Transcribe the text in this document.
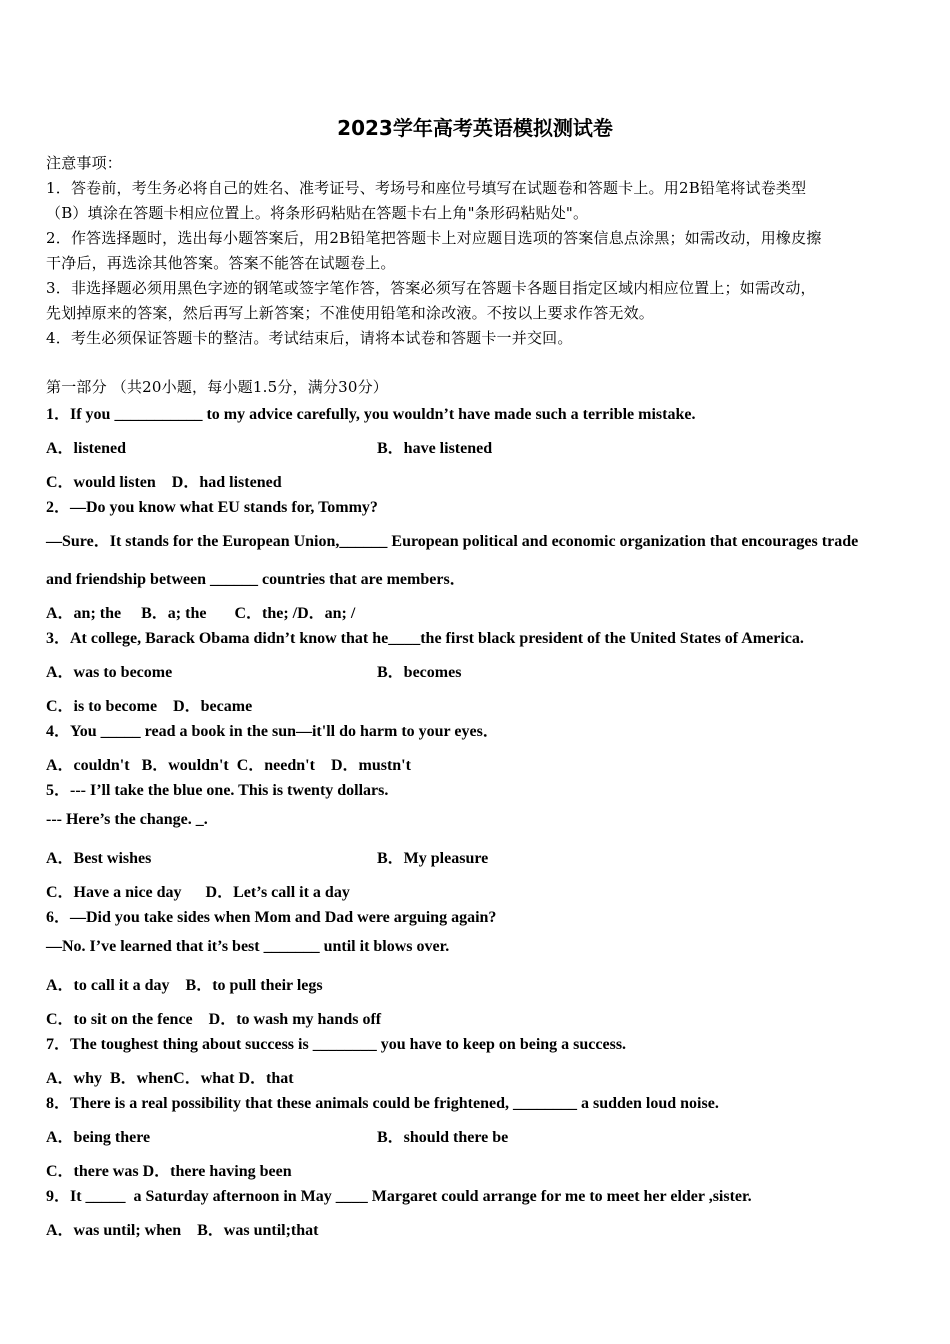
2023学年高考英语模拟测试卷
注意事项：
1．答卷前，考生务必将自己的姓名、准考证号、考场号和座位号填写在试题卷和答题卡上。用2B铅笔将试卷类型
（B）填涂在答题卡相应位置上。将条形码粘贴在答题卡右上角"条形码粘贴处"。
2．作答选择题时，选出每小题答案后，用2B铅笔把答题卡上对应题目选项的答案信息点涂黑；如需改动，用橡皮擦
干净后，再选涂其他答案。答案不能答在试题卷上。
3．非选择题必须用黑色字迹的钢笔或签字笔作答，答案必须写在答题卡各题目指定区域内相应位置上；如需改动，
先划掉原来的答案，然后再写上新答案；不准使用铅笔和涂改液。不按以上要求作答无效。
4．考生必须保证答题卡的整洁。考试结束后，请将本试卷和答题卡一并交回。
第一部分 （共20小题，每小题1.5分，满分30分）
1．If you ___________ to my advice carefully, you wouldn’t have made such a terrible mistake.
A．listened	B．have listened
C．would listen    D．had listened
2．—Do you know what EU stands for, Tommy?
—Sure．It stands for the European Union,______ European political and economic organization that encourages trade
and friendship between ______ countries that are members．
A．an; the     B．a; the       C．the; /D．an; /
3．At college, Barack Obama didn’t know that he____the first black president of the United States of America.
A．was to become	B．becomes
C．is to become    D．became
4．You _____ read a book in the sun—it'll do harm to your eyes．
A．couldn't   B．wouldn't  C．needn't    D．mustn't
5．--- I’ll take the blue one. This is twenty dollars.
--- Here’s the change. _.
A．Best wishes	B．My pleasure
C．Have a nice day      D．Let’s call it a day
6．—Did you take sides when Mom and Dad were arguing again?
—No. I’ve learned that it’s best _______ until it blows over.
A．to call it a day    B．to pull their legs
C．to sit on the fence    D．to wash my hands off
7．The toughest thing about success is ________ you have to keep on being a success.
A．why  B．whenC．what D．that
8．There is a real possibility that these animals could be frightened, ________ a sudden loud noise.
A．being there	B．should there be
C．there was D．there having been
9．It _____  a Saturday afternoon in May ____ Margaret could arrange for me to meet her elder ,sister.
A．was until; when    B．was until;that
